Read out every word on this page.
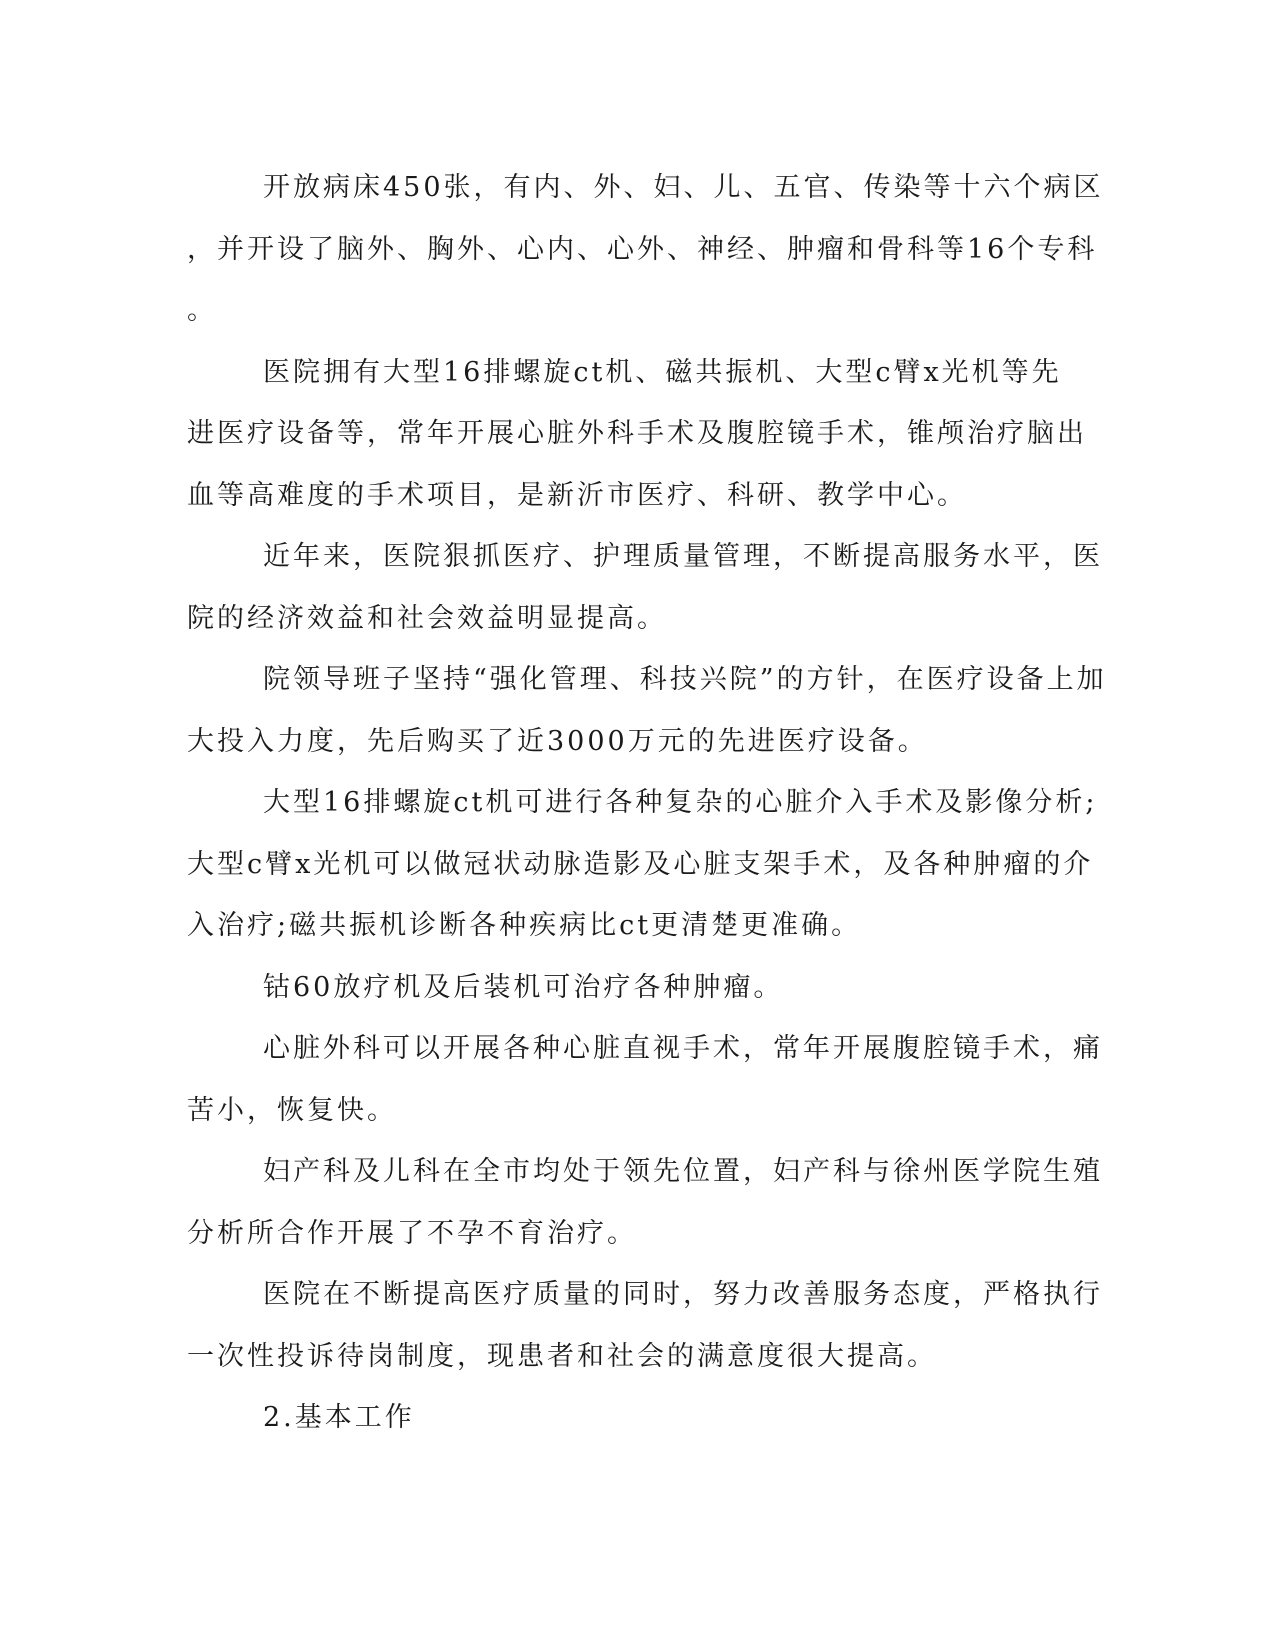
开放病床450张，有内、外、妇、儿、五官、传染等十六个病区
，并开设了脑外、胸外、心内、心外、神经、肿瘤和骨科等16个专科
。

医院拥有大型16排螺旋ct机、磁共振机、大型c臂x光机等先
进医疗设备等，常年开展心脏外科手术及腹腔镜手术，锥颅治疗脑出
血等高难度的手术项目，是新沂市医疗、科研、教学中心。

近年来，医院狠抓医疗、护理质量管理，不断提高服务水平，医
院的经济效益和社会效益明显提高。

院领导班子坚持“强化管理、科技兴院”的方针，在医疗设备上加
大投入力度，先后购买了近3000万元的先进医疗设备。

大型16排螺旋ct机可进行各种复杂的心脏介入手术及影像分析;
大型c臂x光机可以做冠状动脉造影及心脏支架手术，及各种肿瘤的介
入治疗;磁共振机诊断各种疾病比ct更清楚更准确。

钴60放疗机及后装机可治疗各种肿瘤。

心脏外科可以开展各种心脏直视手术，常年开展腹腔镜手术，痛
苦小，恢复快。

妇产科及儿科在全市均处于领先位置，妇产科与徐州医学院生殖
分析所合作开展了不孕不育治疗。

医院在不断提高医疗质量的同时，努力改善服务态度，严格执行
一次性投诉待岗制度，现患者和社会的满意度很大提高。

2.基本工作
